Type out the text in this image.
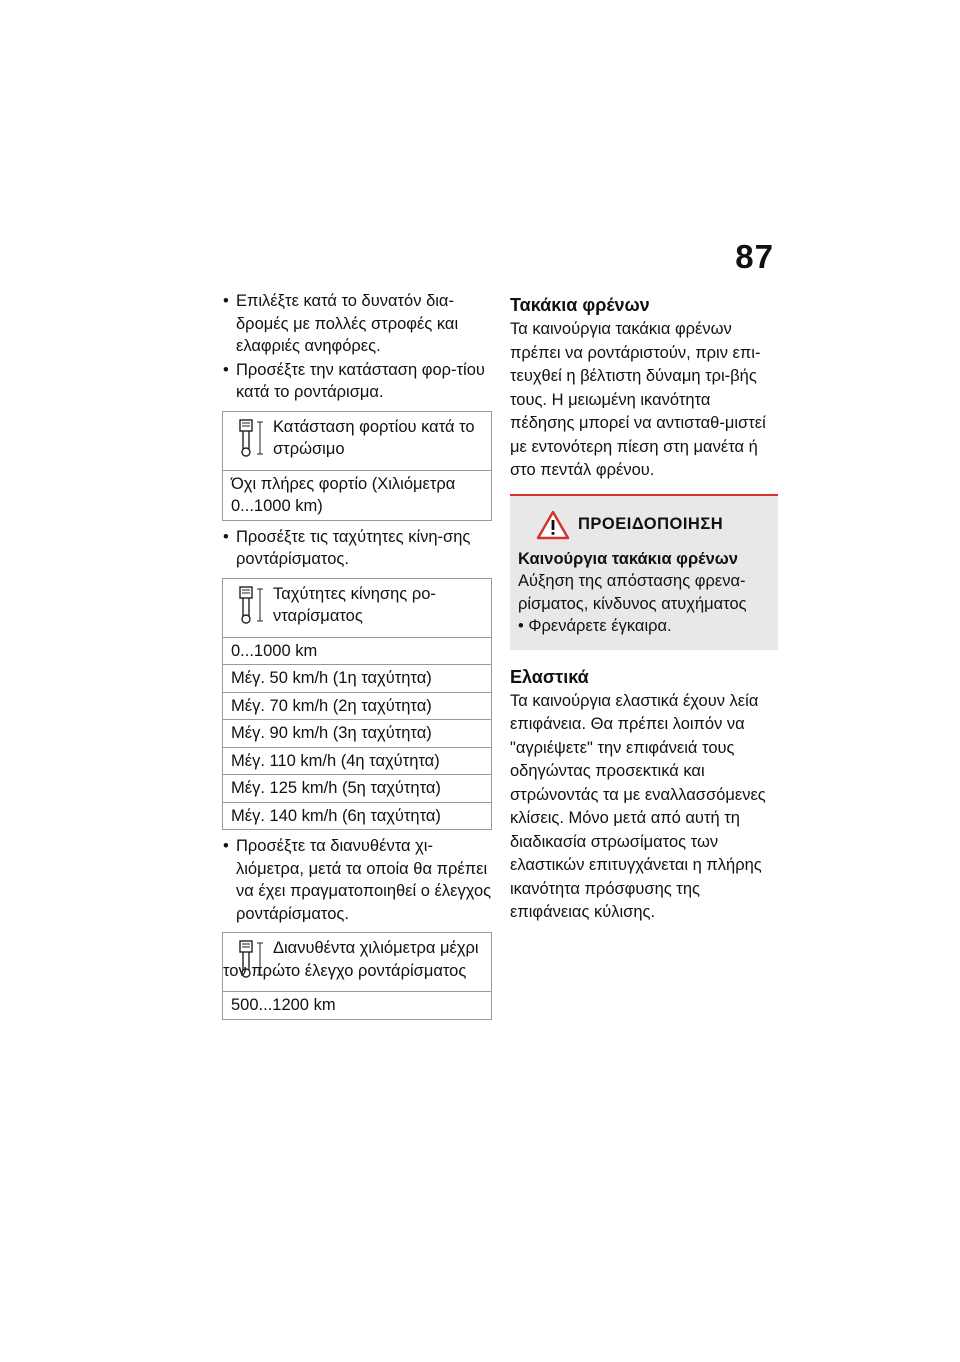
87
• Επιλέξτε κατά το δυνατόν δια-δρομές με πολλές στροφές και ελαφριές ανηφόρες.
• Προσέξτε την κατάσταση φορ-τίου κατά το ροντάρισμα.
Κατάσταση φορτίου κατά το στρώσιμο
Όχι πλήρες φορτίο (Χιλιόμετρα 0...1000 km)
• Προσέξτε τις ταχύτητες κίνη-σης ροντάρίσματος.
Ταχύτητες κίνησης ρο-νταρίσματος
0...1000 km
Μέγ. 50 km/h (1η ταχύτητα)
Μέγ. 70 km/h (2η ταχύτητα)
Μέγ. 90 km/h (3η ταχύτητα)
Μέγ. 110 km/h (4η ταχύτητα)
Μέγ. 125 km/h (5η ταχύτητα)
Μέγ. 140 km/h (6η ταχύτητα)
• Προσέξτε τα διανυθέντα χι-λιόμετρα, μετά τα οποία θα πρέπει να έχει πραγματοποιηθεί ο έλεγχος ροντάρίσματος.
Διανυθέντα χιλιόμετρα μέχρι τον πρώτο έλεγχο ροντάρίσματος
500...1200 km
Τακάκια φρένων

Τα καινούργια τακάκια φρένων πρέπει να ροντάριστούν, πριν επι-τευχθεί η βέλτιστη δύναμη τρι-βής τους. Η μειωμένη ικανότητα πέδησης μπορεί να αντισταθ-μιστεί με εντονότερη πίεση στη μανέτα ή στο πεντάλ φρένου.

ΠΡΟΕΙΔΟΠΟΙΗΣΗ
Καινούργια τακάκια φρένων
Αύξηση της απόστασης φρενα-ρίσματος, κίνδυνος ατυχήματος
• Φρενάρετε έγκαιρα.
Ελαστικά

Τα καινούργια ελαστικά έχουν λεία επιφάνεια. Θα πρέπει λοιπόν να "αγριέψετε" την επιφάνειά τους οδηγώντας προσεκτικά και στρώνοντάς τα με εναλλασσόμενες κλίσεις. Μόνο μετά από αυτή τη διαδικασία στρωσίματος των ελαστικών επιτυγχάνεται η πλήρης ικανότητα πρόσφυσης της επιφάνειας κύλισης.
